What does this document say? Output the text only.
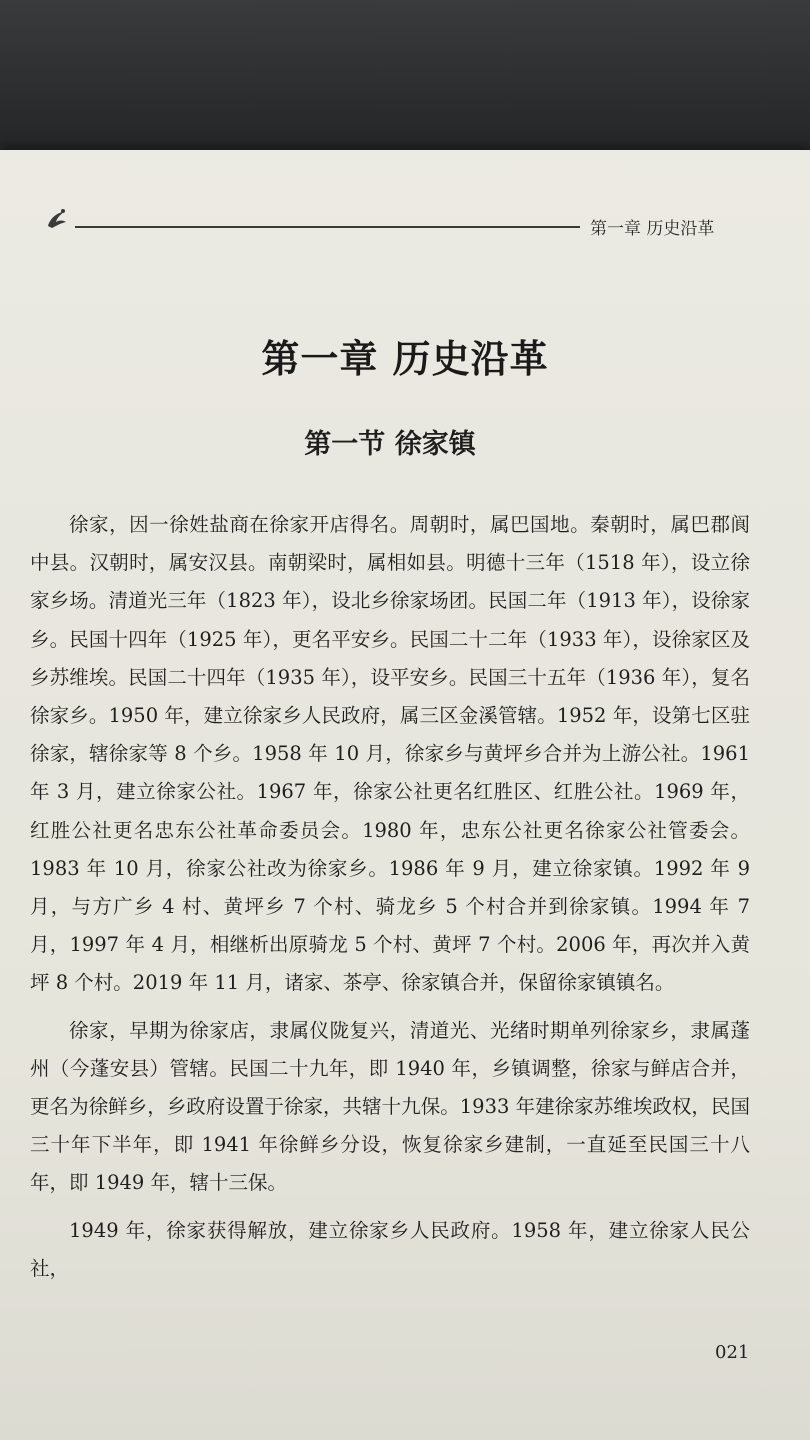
第一章 历史沿革
第一章 历史沿革
第一节 徐家镇

徐家，因一徐姓盐商在徐家开店得名。周朝时，属巴国地。秦朝时，属巴郡阆中县。汉朝时，属安汉县。南朝梁时，属相如县。明德十三年（1518 年），设立徐家乡场。清道光三年（1823 年），设北乡徐家场团。民国二年（1913 年），设徐家乡。民国十四年（1925 年），更名平安乡。民国二十二年（1933 年），设徐家区及乡苏维埃。民国二十四年（1935 年），设平安乡。民国三十五年（1936 年），复名徐家乡。1950 年，建立徐家乡人民政府，属三区金溪管辖。1952 年，设第七区驻徐家，辖徐家等 8 个乡。1958 年 10 月，徐家乡与黄坪乡合并为上游公社。1961 年 3 月，建立徐家公社。1967 年，徐家公社更名红胜区、红胜公社。1969 年，红胜公社更名忠东公社革命委员会。1980 年，忠东公社更名徐家公社管委会。1983 年 10 月，徐家公社改为徐家乡。1986 年 9 月，建立徐家镇。1992 年 9 月，与方广乡 4 村、黄坪乡 7 个村、骑龙乡 5 个村合并到徐家镇。1994 年 7 月，1997 年 4 月，相继析出原骑龙 5 个村、黄坪 7 个村。2006 年，再次并入黄坪 8 个村。2019 年 11 月，诸家、茶亭、徐家镇合并，保留徐家镇镇名。

徐家，早期为徐家店，隶属仪陇复兴，清道光、光绪时期单列徐家乡，隶属蓬州（今蓬安县）管辖。民国二十九年，即 1940 年，乡镇调整，徐家与鲜店合并，更名为徐鲜乡，乡政府设置于徐家，共辖十九保。1933 年建徐家苏维埃政权，民国三十年下半年，即 1941 年徐鲜乡分设，恢复徐家乡建制，一直延至民国三十八年，即 1949 年，辖十三保。

1949 年，徐家获得解放，建立徐家乡人民政府。1958 年，建立徐家人民公社，

021
